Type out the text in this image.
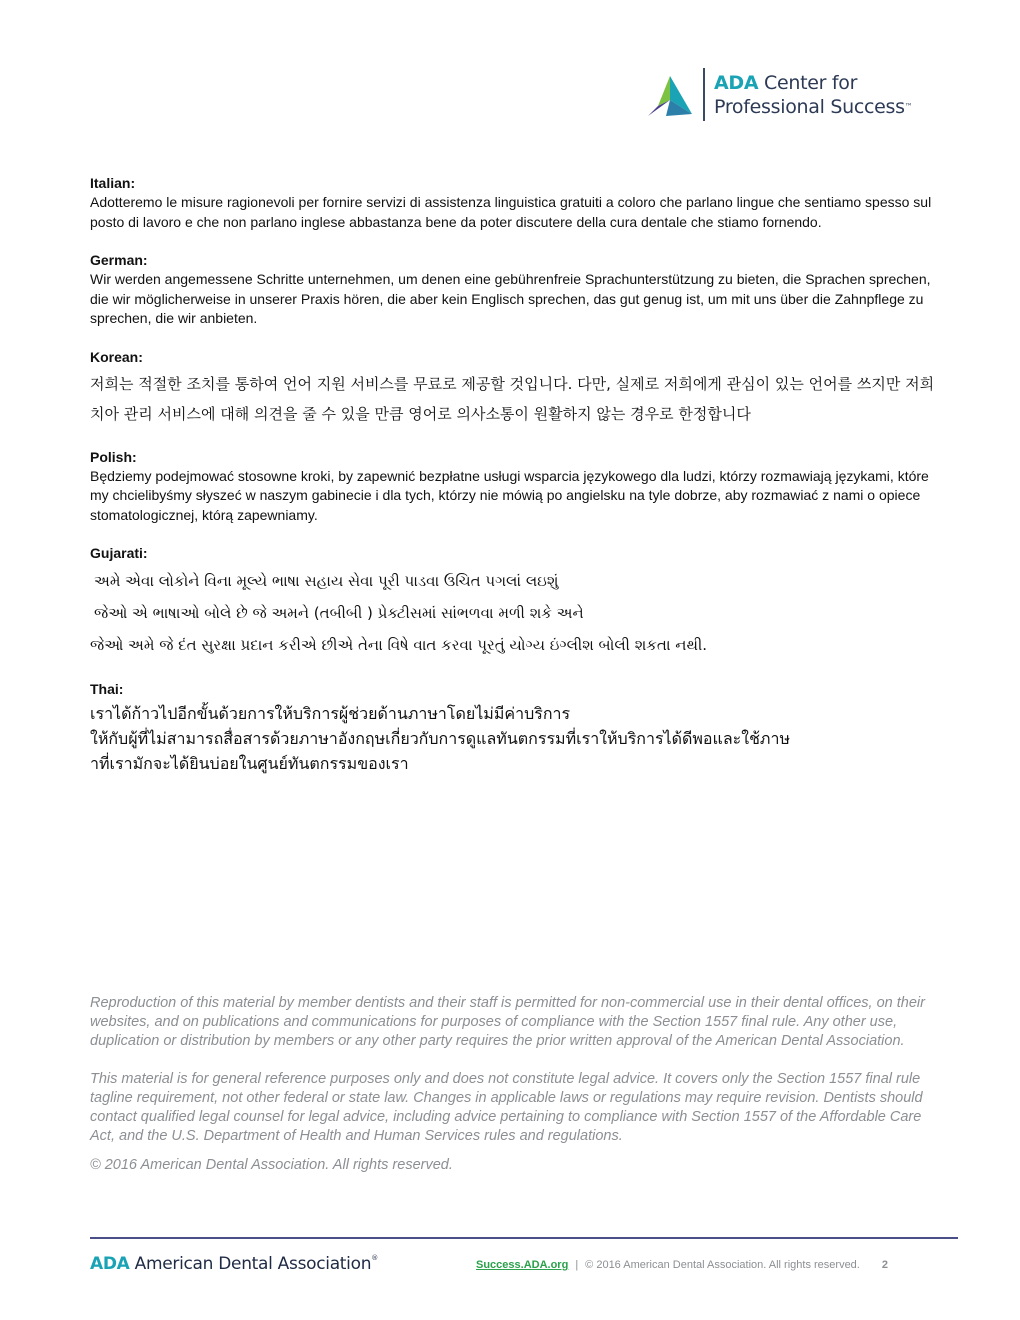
ADA Center for
Professional Success™
Italian:
Adotteremo le misure ragionevoli per fornire servizi di assistenza linguistica gratuiti a coloro che parlano lingue che sentiamo spesso sul posto di lavoro e che non parlano inglese abbastanza bene da poter discutere della cura dentale che stiamo fornendo.
German:
Wir werden angemessene Schritte unternehmen, um denen eine gebührenfreie Sprachunterstützung zu bieten, die Sprachen sprechen, die wir möglicherweise in unserer Praxis hören, die aber kein Englisch sprechen, das gut genug ist, um mit uns über die Zahnpflege zu sprechen, die wir anbieten.
Korean:
저희는 적절한 조치를 통하여 언어 지원 서비스를 무료로 제공할 것입니다. 다만, 실제로 저희에게 관심이 있는 언어를 쓰지만 저희 치아 관리 서비스에 대해 의견을 줄 수 있을 만큼 영어로 의사소통이 원활하지 않는 경우로 한정합니다
Polish:
Będziemy podejmować stosowne kroki, by zapewnić bezpłatne usługi wsparcia językowego dla ludzi, którzy rozmawiają językami, które my chcielibyśmy słyszeć w naszym gabinecie i dla tych, którzy nie mówią po angielsku na tyle dobrze, aby rozmawiać z nami o opiece stomatologicznej, którą zapewniamy.
Gujarati:
અમે એવા લોકોને વિના મૂલ્યે ભાષા સહાય સેવા પૂરી પાડવા ઉચિત પગલાં લઇશું
જેઓ એ ભાષાઓ બોલે છે જે અમને (તબીબી ) પ્રેક્ટીસમાં સાંભળવા મળી શકે અને
જેઓ અમે જે દંત સુરક્ષા પ્રદાન કરીએ છીએ તેના વિષે વાત કરવા પૂરતું યોગ્ય ઇંગ્લીશ બોલી શકતા નથી.
Thai:
เราได้ก้าวไปอีกขั้นด้วยการให้บริการผู้ช่วยด้านภาษาโดยไม่มีค่าบริการ
ให้กับผู้ที่ไม่สามารถสื่อสารด้วยภาษาอังกฤษเกี่ยวกับการดูแลทันตกรรมที่เราให้บริการได้ดีพอและใช้ภาษ
าที่เรามักจะได้ยินบ่อยในศูนย์ทันตกรรมของเรา

Reproduction of this material by member dentists and their staff is permitted for non-commercial use in their dental offices, on their websites, and on publications and communications for purposes of compliance with the Section 1557 final rule. Any other use, duplication or distribution by members or any other party requires the prior written approval of the American Dental Association.

This material is for general reference purposes only and does not constitute legal advice. It covers only the Section 1557 final rule tagline requirement, not other federal or state law. Changes in applicable laws or regulations may require revision. Dentists should contact qualified legal counsel for legal advice, including advice pertaining to compliance with Section 1557 of the Affordable Care Act, and the U.S. Department of Health and Human Services rules and regulations.

© 2016 American Dental Association. All rights reserved.

ADA American Dental Association®
Success.ADA.org | © 2016 American Dental Association. All rights reserved. 2
